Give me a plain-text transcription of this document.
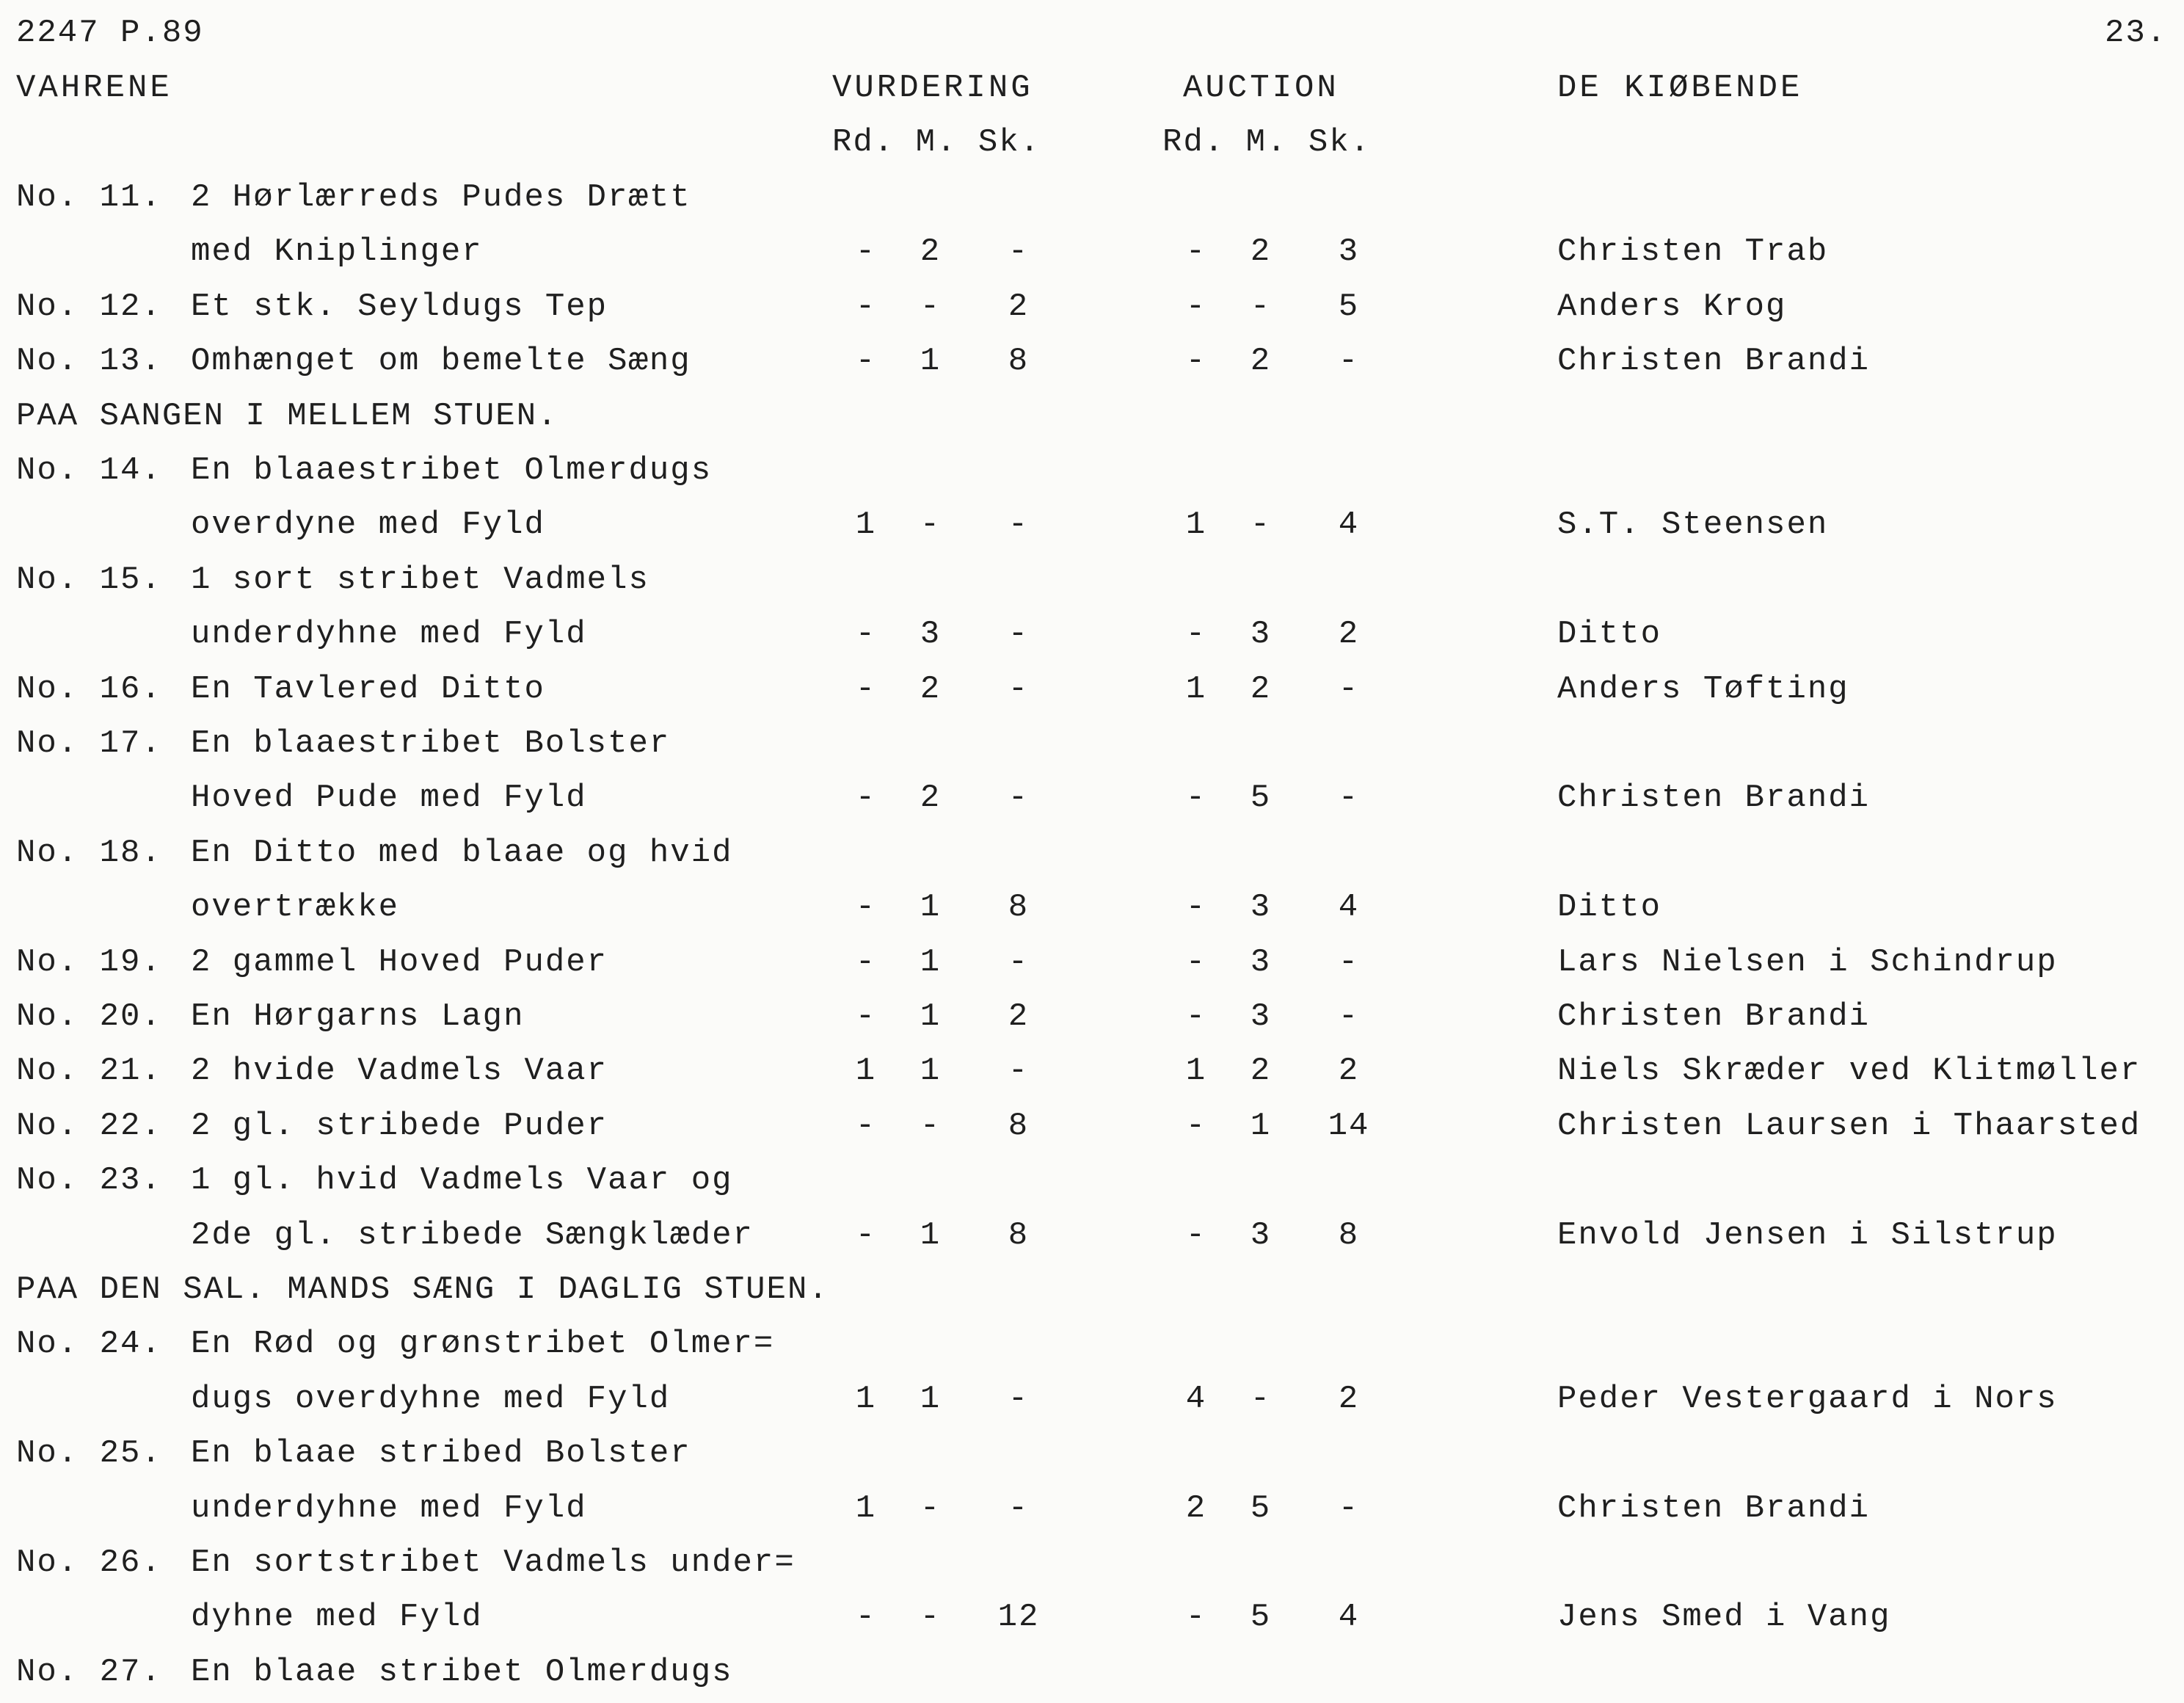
2247 P.89	23.
VAHRENE	VURDERING	AUCTION	DE KIØBENDE
Rd. M. Sk.	Rd. M. Sk.
No. 11. 2 Hørlærreds Pudes Drætt
med Kniplinger	-	2	-	-	2	3	Christen Trab
No. 12. Et stk. Seyldugs Tep	-	-	2	-	-	5	Anders Krog
No. 13. Omhænget om bemelte Sæng	-	1	8	-	2	-	Christen Brandi
PAA SANGEN I MELLEM STUEN.
No. 14. En blaaestribet Olmerdugs
overdyne med Fyld	1	-	-	1	-	4	S.T. Steensen
No. 15. 1 sort stribet Vadmels
underdyhne med Fyld	-	3	-	-	3	2	Ditto
No. 16. En Tavlered Ditto	-	2	-	1	2	-	Anders Tøfting
No. 17. En blaaestribet Bolster
Hoved Pude med Fyld	-	2	-	-	5	-	Christen Brandi
No. 18. En Ditto med blaae og hvid
overtrække	-	1	8	-	3	4	Ditto
No. 19. 2 gammel Hoved Puder	-	1	-	-	3	-	Lars Nielsen i Schindrup
No. 20. En Hørgarns Lagn	-	1	2	-	3	-	Christen Brandi
No. 21. 2 hvide Vadmels Vaar	1	1	-	1	2	2	Niels Skræder ved Klitmøller
No. 22. 2 gl. stribede Puder	-	-	8	-	1	14	Christen Laursen i Thaarsted
No. 23. 1 gl. hvid Vadmels Vaar og
2de gl. stribede Sængklæder	-	1	8	-	3	8	Envold Jensen i Silstrup
PAA DEN SAL. MANDS SÆNG I DAGLIG STUEN.
No. 24. En Rød og grønstribet Olmer=
dugs overdyhne med Fyld	1	1	-	4	-	2	Peder Vestergaard i Nors
No. 25. En blaae stribed Bolster
underdyhne med Fyld	1	-	-	2	5	-	Christen Brandi
No. 26. En sortstribet Vadmels under=
dyhne med Fyld	-	-	12	-	5	4	Jens Smed i Vang
No. 27. En blaae stribet Olmerdugs
